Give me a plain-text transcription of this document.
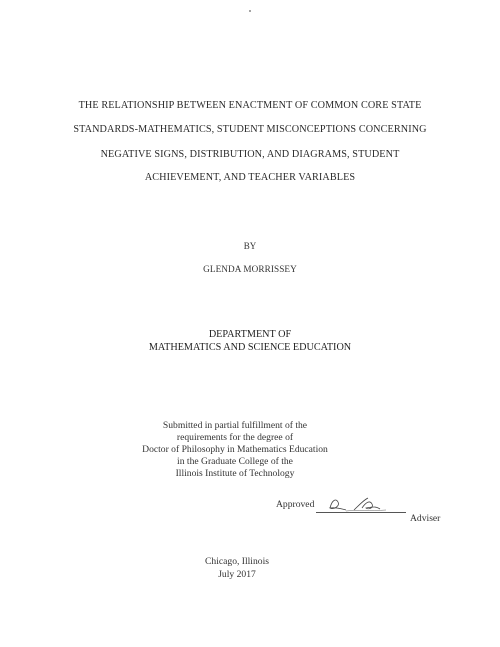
THE RELATIONSHIP BETWEEN ENACTMENT OF COMMON CORE STATE
STANDARDS-MATHEMATICS, STUDENT MISCONCEPTIONS CONCERNING
NEGATIVE SIGNS, DISTRIBUTION, AND DIAGRAMS, STUDENT
ACHIEVEMENT, AND TEACHER VARIABLES
BY
GLENDA MORRISSEY
DEPARTMENT OF
MATHEMATICS AND SCIENCE EDUCATION
Submitted in partial fulfillment of the
requirements for the degree of
Doctor of Philosophy in Mathematics Education
in the Graduate College of the
Illinois Institute of Technology
Approved
Adviser
Chicago, Illinois
July 2017
